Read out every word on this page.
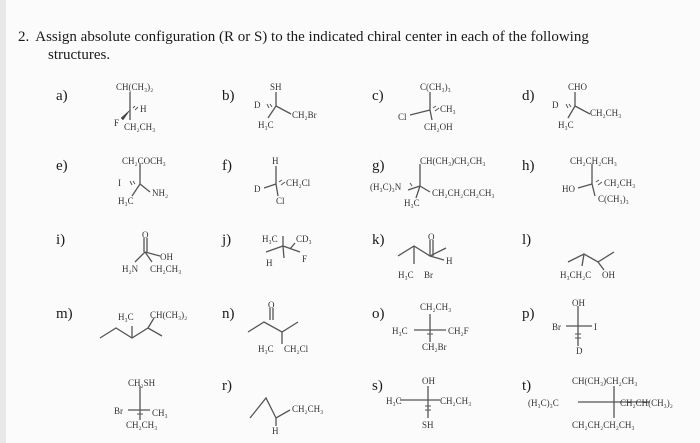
2. Assign absolute configuration (R or S) to the indicated chiral center in each of the following
structures.
a)	b)	c)	d)
e)	f)	g)	h)
i)	j)	k)	l)
m)	n)	o)	p)
r)	s)	t)
CH(CH₃)₂
H
F CH₂CH₃
SH
D
CH₂Br
H₃C
C(CH₃)₃
Cl
CH₃
CH₂OH
CHO
D
CH₂CH₃
H₃C
CH₂COCH₃
I
NH₂
H₃C
H
D
CH₂Cl
Cl
CH(CH₃)CH₂CH₃
(H₃C)₃N
CH₂CH₂CH₂CH₃
H₃C
CH₂CH₂CH₃
HO
CH₂CH₃
C(CH₃)₃
O
OH
H₂N CH₂CH₃
H₃C CD₃
H	F
O
H
H₃C Br	H₃CH₂C OH
H₃C CH(CH₃)₂
O
H₃C CH₂Cl
CH₂CH₃
H₃C	CH₂F
CH₂Br
OH
Br	I
D
CH₂SH
Br	CH₃
CH₂CH₃
CH₂CH₃
H
OH
H₃C	CH₂CH₃
SH
CH(CH₃)CH₂CH₃
(H₃C)₃C	CH₂CH(CH₃)₂
CH₂CH₂CH₂CH₃
